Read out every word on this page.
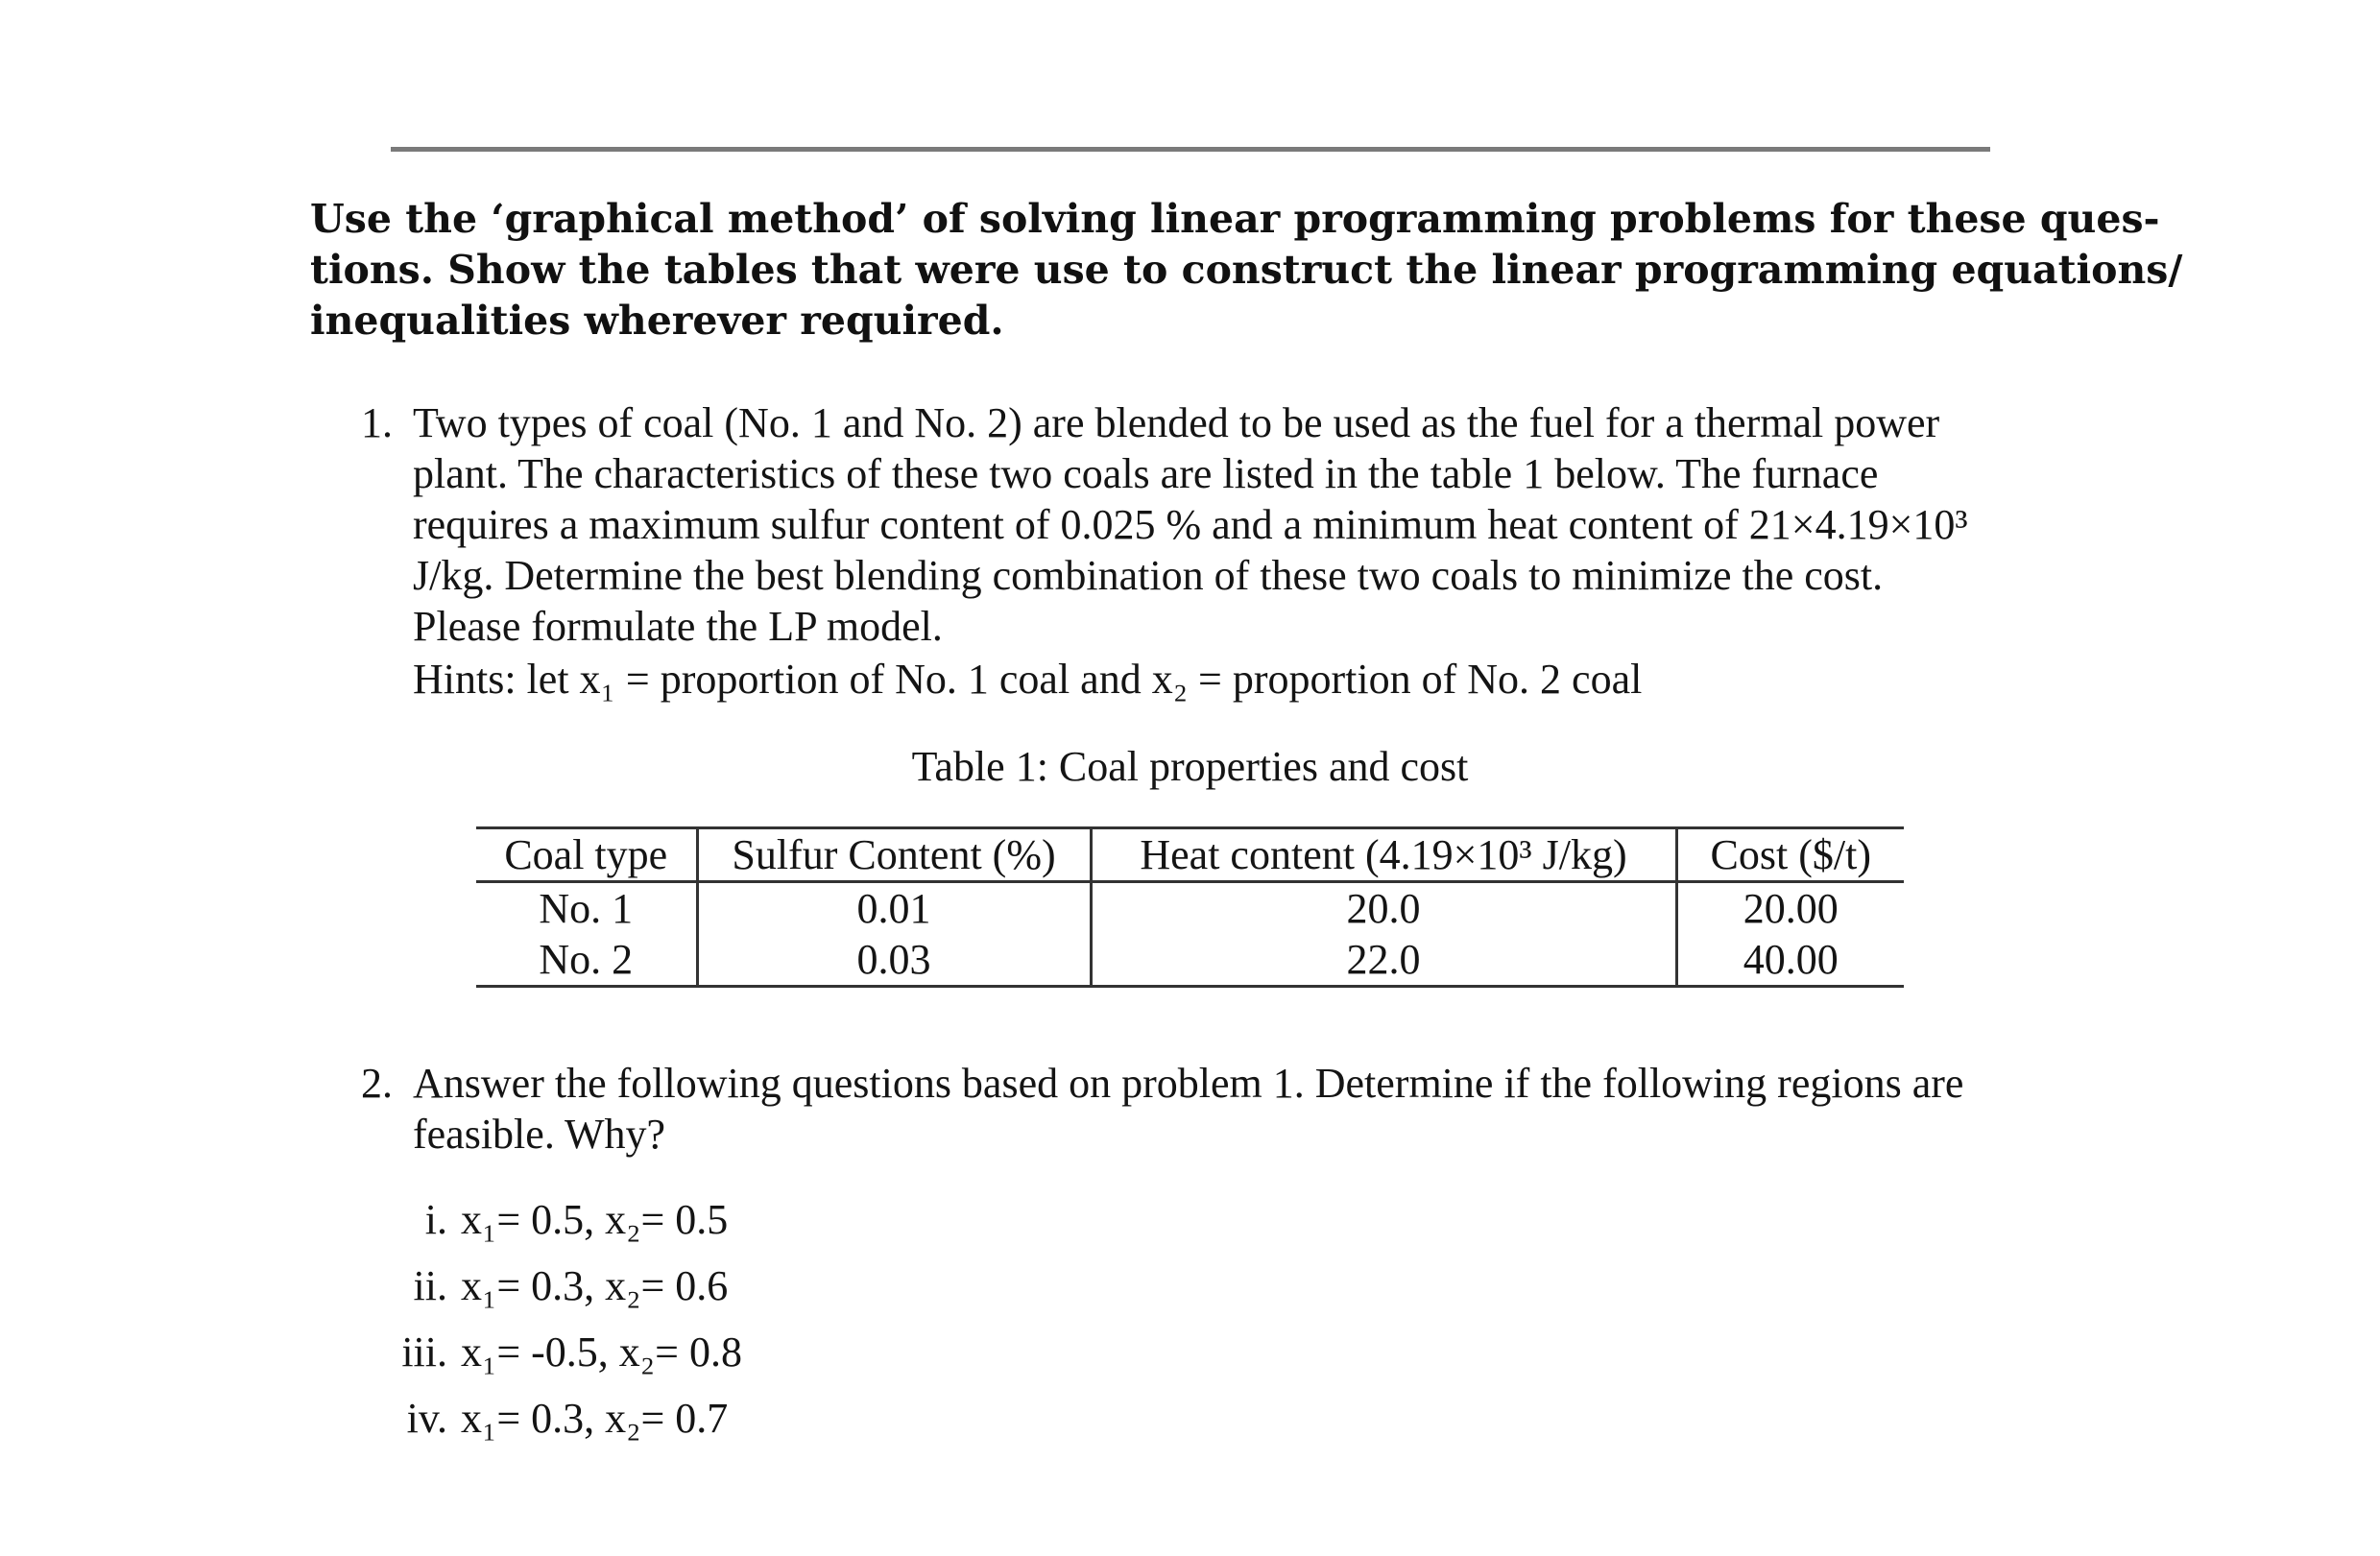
Use the ‘graphical method’ of solving linear programming problems for these ques-
tions. Show the tables that were use to construct the linear programming equations/
inequalities wherever required.
1. Two types of coal (No. 1 and No. 2) are blended to be used as the fuel for a thermal power
plant. The characteristics of these two coals are listed in the table 1 below. The furnace
requires a maximum sulfur content of 0.025 % and a minimum heat content of 21×4.19×10³
J/kg. Determine the best blending combination of these two coals to minimize the cost.
Please formulate the LP model.
Hints: let x₁ = proportion of No. 1 coal and x₂ = proportion of No. 2 coal
Table 1: Coal properties and cost
Coal type	Sulfur Content (%)	Heat content (4.19×10³ J/kg)	Cost ($/t)
No. 1	0.01	20.0	20.00
No. 2	0.03	22.0	40.00
2. Answer the following questions based on problem 1. Determine if the following regions are
feasible. Why?
i. x₁= 0.5, x₂= 0.5
ii. x₁= 0.3, x₂= 0.6
iii. x₁= -0.5, x₂= 0.8
iv. x₁= 0.3, x₂= 0.7
